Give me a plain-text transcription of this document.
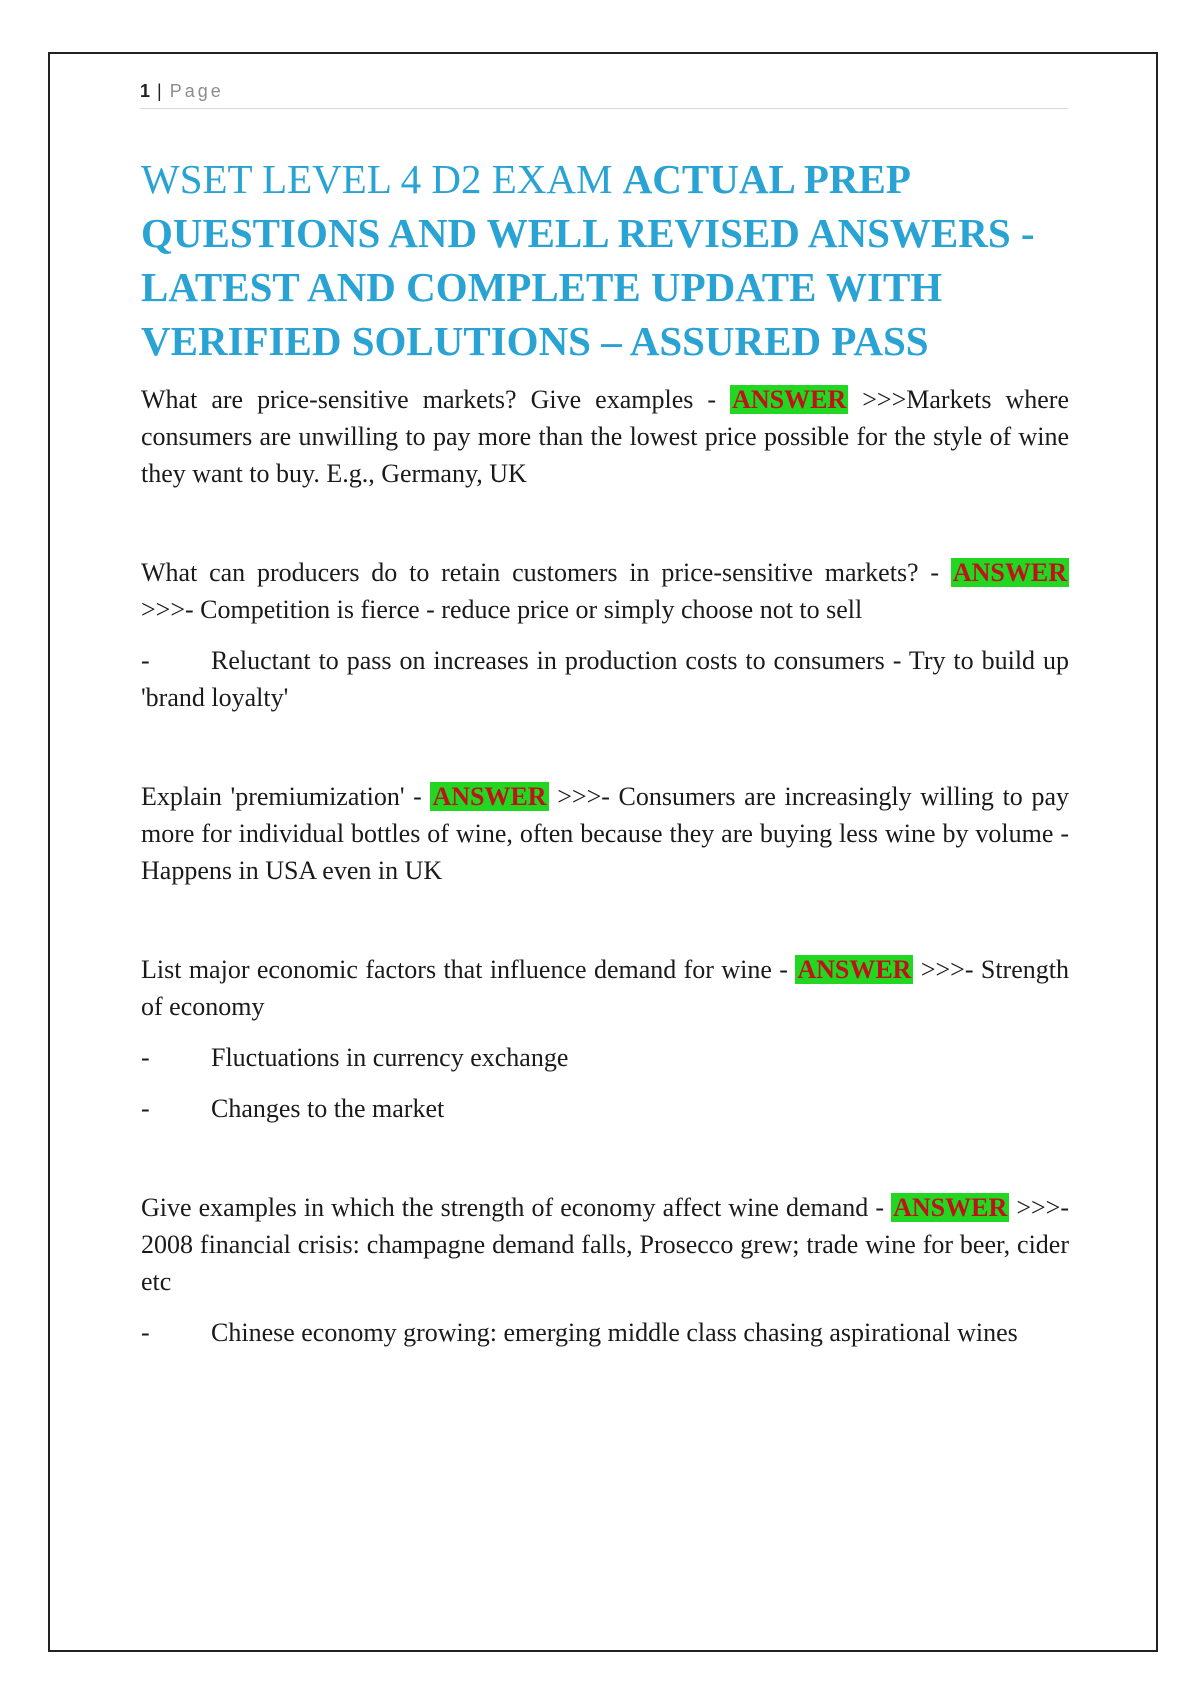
1 | Page
WSET LEVEL 4 D2 EXAM ACTUAL PREP QUESTIONS AND WELL REVISED ANSWERS - LATEST AND COMPLETE UPDATE WITH VERIFIED SOLUTIONS – ASSURED PASS

What are price-sensitive markets? Give examples - ANSWER >>>Markets where consumers are unwilling to pay more than the lowest price possible for the style of wine they want to buy. E.g., Germany, UK

What can producers do to retain customers in price-sensitive markets? - ANSWER >>>- Competition is fierce - reduce price or simply choose not to sell

- Reluctant to pass on increases in production costs to consumers - Try to build up 'brand loyalty'

Explain 'premiumization' - ANSWER >>>- Consumers are increasingly willing to pay more for individual bottles of wine, often because they are buying less wine by volume - Happens in USA even in UK

List major economic factors that influence demand for wine - ANSWER >>>- Strength of economy

- Fluctuations in currency exchange

- Changes to the market

Give examples in which the strength of economy affect wine demand - ANSWER >>>- 2008 financial crisis: champagne demand falls, Prosecco grew; trade wine for beer, cider etc

- Chinese economy growing: emerging middle class chasing aspirational wines
